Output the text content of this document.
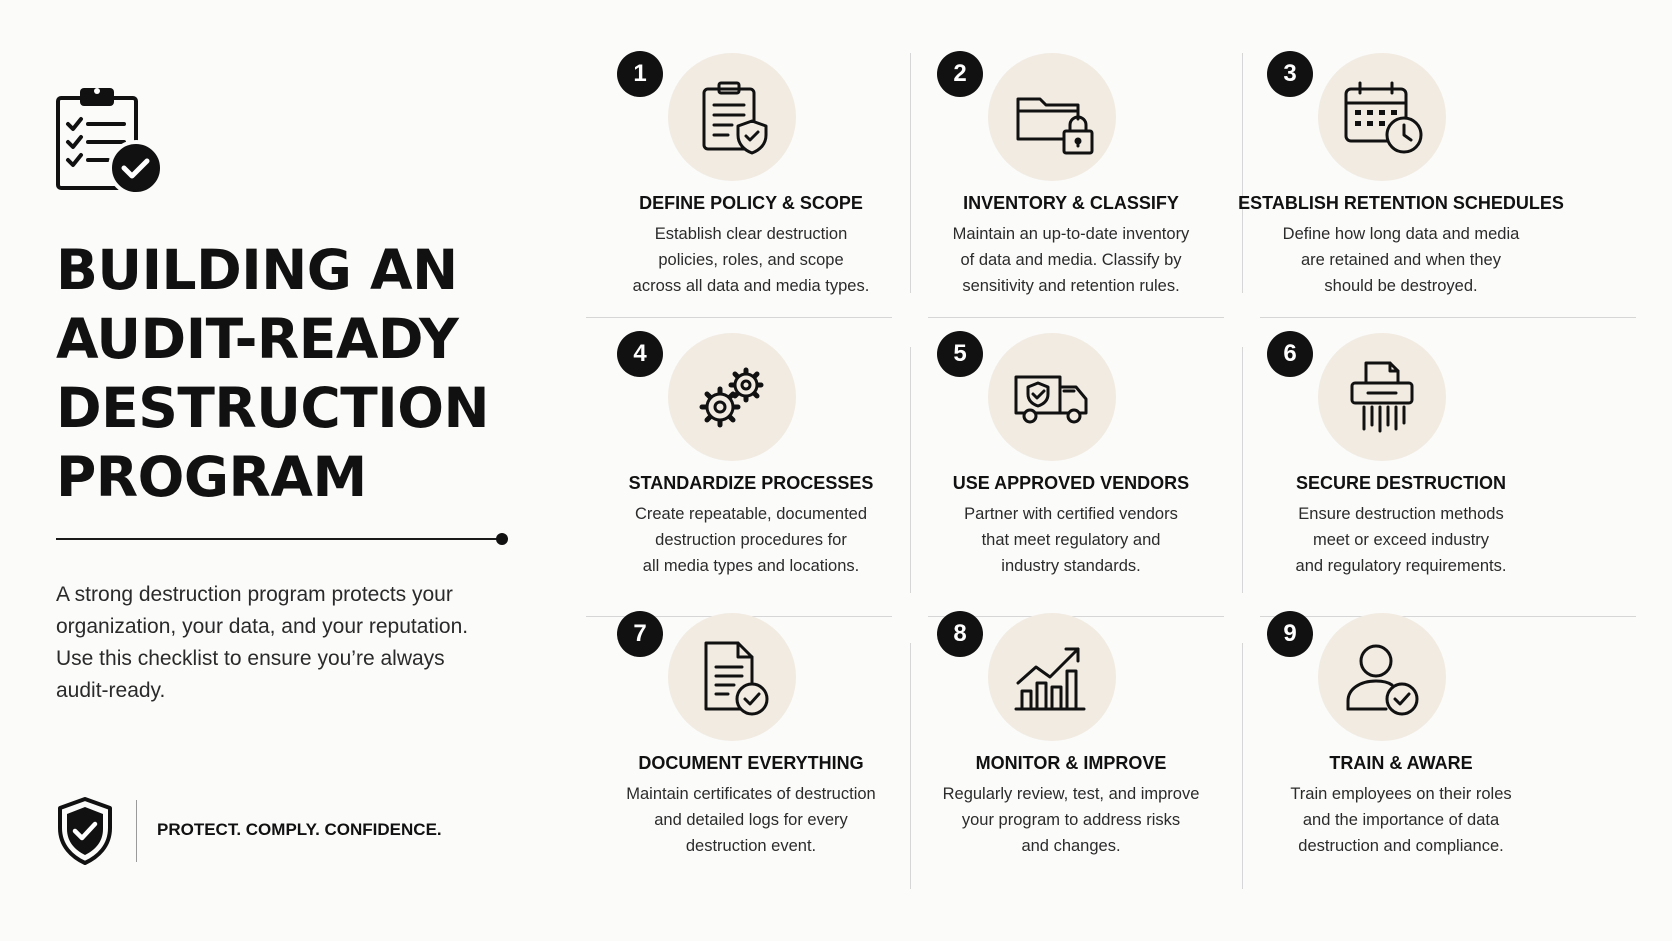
BUILDING AN
AUDIT-READY
DESTRUCTION
PROGRAM

A strong destruction program protects your
organization, your data, and your reputation.
Use this checklist to ensure you’re always
audit-ready.

PROTECT. COMPLY. CONFIDENCE.
1
DEFINE POLICY & SCOPE
Establish clear destruction
policies, roles, and scope
across all data and media types.
2
INVENTORY & CLASSIFY
Maintain an up-to-date inventory
of data and media. Classify by
sensitivity and retention rules.
3
ESTABLISH RETENTION SCHEDULES
Define how long data and media
are retained and when they
should be destroyed.
4
STANDARDIZE PROCESSES
Create repeatable, documented
destruction procedures for
all media types and locations.
5
USE APPROVED VENDORS
Partner with certified vendors
that meet regulatory and
industry standards.
6
SECURE DESTRUCTION
Ensure destruction methods
meet or exceed industry
and regulatory requirements.
7
DOCUMENT EVERYTHING
Maintain certificates of destruction
and detailed logs for every
destruction event.
8
MONITOR & IMPROVE
Regularly review, test, and improve
your program to address risks
and changes.
9
TRAIN & AWARE
Train employees on their roles
and the importance of data
destruction and compliance.
